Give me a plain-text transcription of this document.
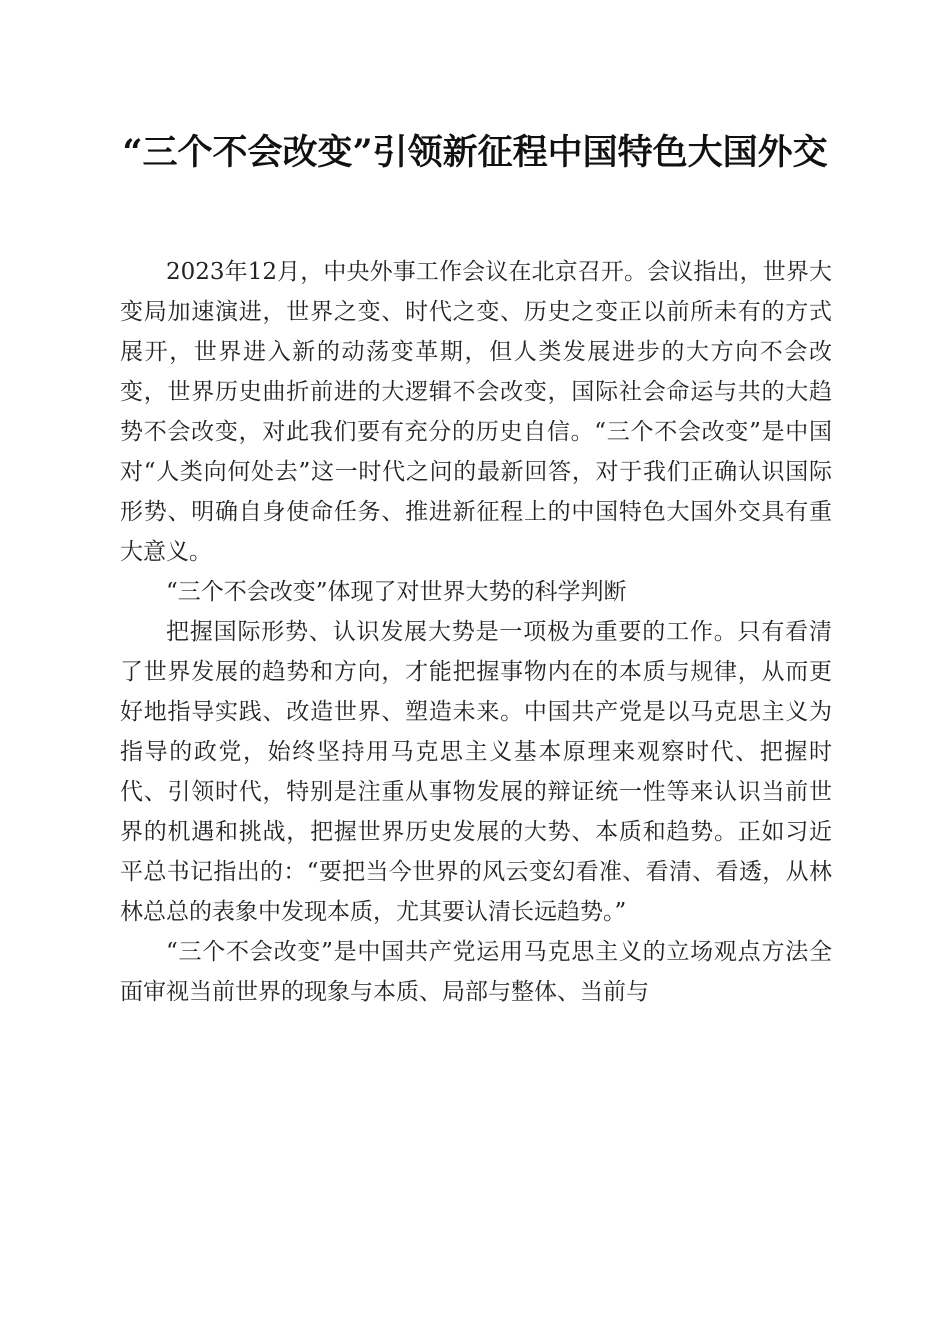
“三个不会改变”引领新征程中国特色大国外交

2023年12月，中央外事工作会议在北京召开。会议指出，世界大变局加速演进，世界之变、时代之变、历史之变正以前所未有的方式展开，世界进入新的动荡变革期，但人类发展进步的大方向不会改变，世界历史曲折前进的大逻辑不会改变，国际社会命运与共的大趋势不会改变，对此我们要有充分的历史自信。“三个不会改变”是中国对“人类向何处去”这一时代之问的最新回答，对于我们正确认识国际形势、明确自身使命任务、推进新征程上的中国特色大国外交具有重大意义。

“三个不会改变”体现了对世界大势的科学判断

把握国际形势、认识发展大势是一项极为重要的工作。只有看清了世界发展的趋势和方向，才能把握事物内在的本质与规律，从而更好地指导实践、改造世界、塑造未来。中国共产党是以马克思主义为指导的政党，始终坚持用马克思主义基本原理来观察时代、把握时代、引领时代，特别是注重从事物发展的辩证统一性等来认识当前世界的机遇和挑战，把握世界历史发展的大势、本质和趋势。正如习近平总书记指出的：“要把当今世界的风云变幻看准、看清、看透，从林林总总的表象中发现本质，尤其要认清长远趋势。”

“三个不会改变”是中国共产党运用马克思主义的立场观点方法全面审视当前世界的现象与本质、局部与整体、当前与
